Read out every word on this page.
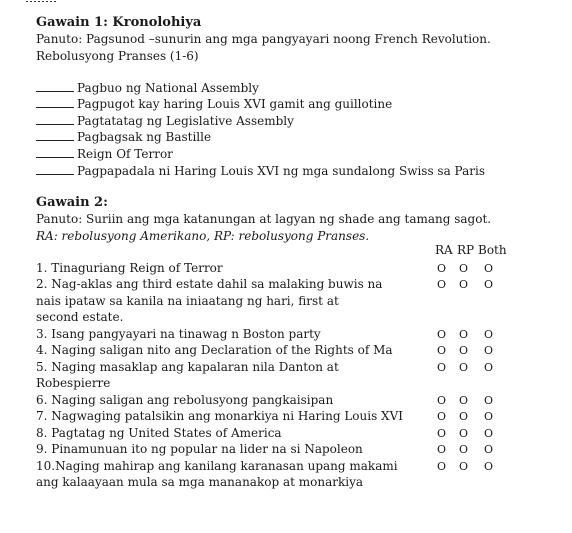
Gawain 1: Kronolohiya
Panuto: Pagsunod –sunurin ang mga pangyayari noong French Revolution.
Rebolusyong Pranses (1-6)
Pagbuo ng National Assembly
Pagpugot kay haring Louis XVI gamit ang guillotine
Pagtatatag ng Legislative Assembly
Pagbagsak ng Bastille
Reign Of Terror
Pagpapadala ni Haring Louis XVI ng mga sundalong Swiss sa Paris
Gawain 2:
Panuto: Suriin ang mga katanungan at lagyan ng shade ang tamang sagot.
RA: rebolusyong Amerikano, RP: rebolusyong Pranses.
RA RP Both
1. Tinaguriang Reign of Terror
2. Nag-aklas ang third estate dahil sa malaking buwis na
nais ipataw sa kanila na iniaatang ng hari, first at
second estate.
3. Isang pangyayari na tinawag n Boston party
4. Naging saligan nito ang Declaration of the Rights of Ma
5. Naging masaklap ang kapalaran nila Danton at
Robespierre
6. Naging saligan ang rebolusyong pangkaisipan
7. Nagwaging patalsikin ang monarkiya ni Haring Louis XVI
8. Pagtatag ng United States of America
9. Pinamunuan ito ng popular na lider na si Napoleon
10.Naging mahirap ang kanilang karanasan upang makami
ang kalaayaan mula sa mga mananakop at monarkiya
O O O
O O O
O O O
O O O
O O O
O O O
O O O
O O O
O O O
O O O
